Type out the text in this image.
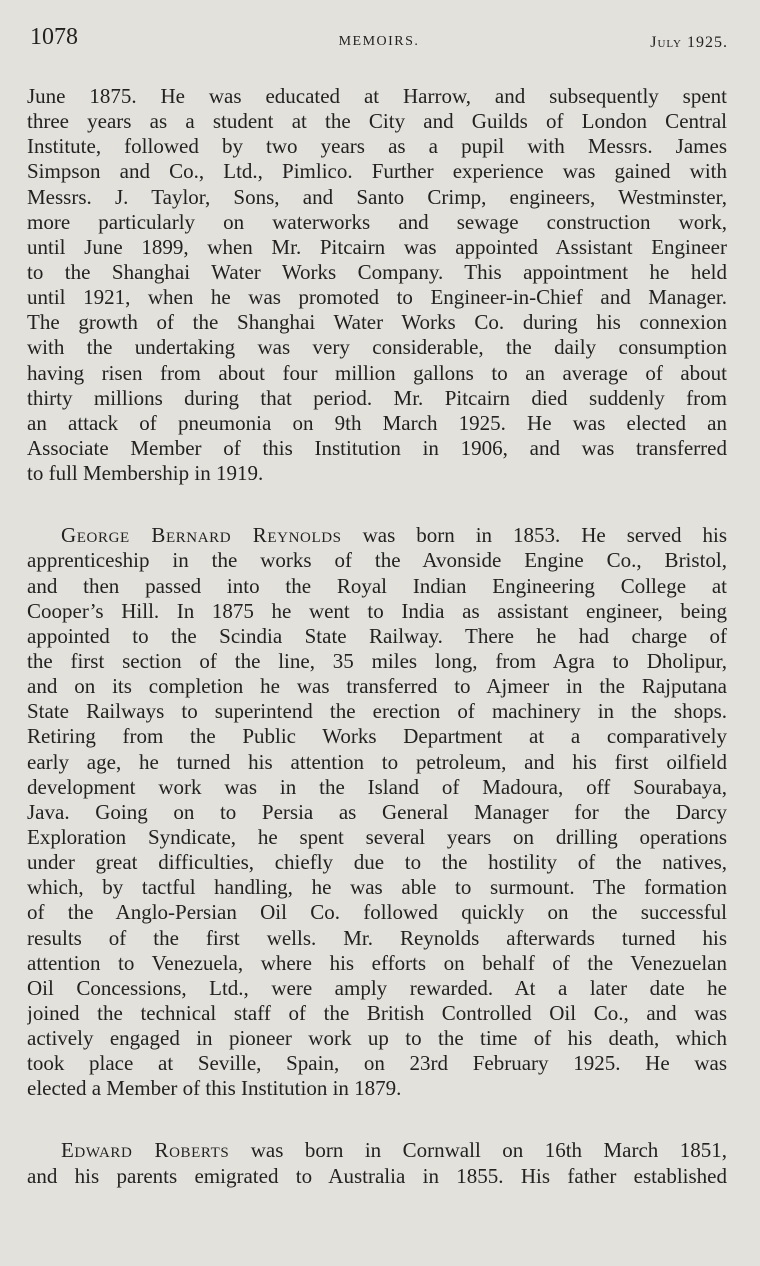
1078	MEMOIRS.	July 1925.
June 1875. He was educated at Harrow, and subsequently spent
three years as a student at the City and Guilds of London Central
Institute, followed by two years as a pupil with Messrs. James
Simpson and Co., Ltd., Pimlico. Further experience was gained with
Messrs. J. Taylor, Sons, and Santo Crimp, engineers, Westminster,
more particularly on waterworks and sewage construction work,
until June 1899, when Mr. Pitcairn was appointed Assistant Engineer
to the Shanghai Water Works Company. This appointment he held
until 1921, when he was promoted to Engineer-in-Chief and Manager.
The growth of the Shanghai Water Works Co. during his connexion
with the undertaking was very considerable, the daily consumption
having risen from about four million gallons to an average of about
thirty millions during that period. Mr. Pitcairn died suddenly from
an attack of pneumonia on 9th March 1925. He was elected an
Associate Member of this Institution in 1906, and was transferred
to full Membership in 1919.
George Bernard Reynolds was born in 1853. He served his
apprenticeship in the works of the Avonside Engine Co., Bristol,
and then passed into the Royal Indian Engineering College at
Cooper’s Hill. In 1875 he went to India as assistant engineer, being
appointed to the Scindia State Railway. There he had charge of
the first section of the line, 35 miles long, from Agra to Dholipur,
and on its completion he was transferred to Ajmeer in the Rajputana
State Railways to superintend the erection of machinery in the shops.
Retiring from the Public Works Department at a comparatively
early age, he turned his attention to petroleum, and his first oilfield
development work was in the Island of Madoura, off Sourabaya,
Java. Going on to Persia as General Manager for the Darcy
Exploration Syndicate, he spent several years on drilling operations
under great difficulties, chiefly due to the hostility of the natives,
which, by tactful handling, he was able to surmount. The formation
of the Anglo-Persian Oil Co. followed quickly on the successful
results of the first wells. Mr. Reynolds afterwards turned his
attention to Venezuela, where his efforts on behalf of the Venezuelan
Oil Concessions, Ltd., were amply rewarded. At a later date he
joined the technical staff of the British Controlled Oil Co., and was
actively engaged in pioneer work up to the time of his death, which
took place at Seville, Spain, on 23rd February 1925. He was
elected a Member of this Institution in 1879.
Edward Roberts was born in Cornwall on 16th March 1851,
and his parents emigrated to Australia in 1855. His father established
